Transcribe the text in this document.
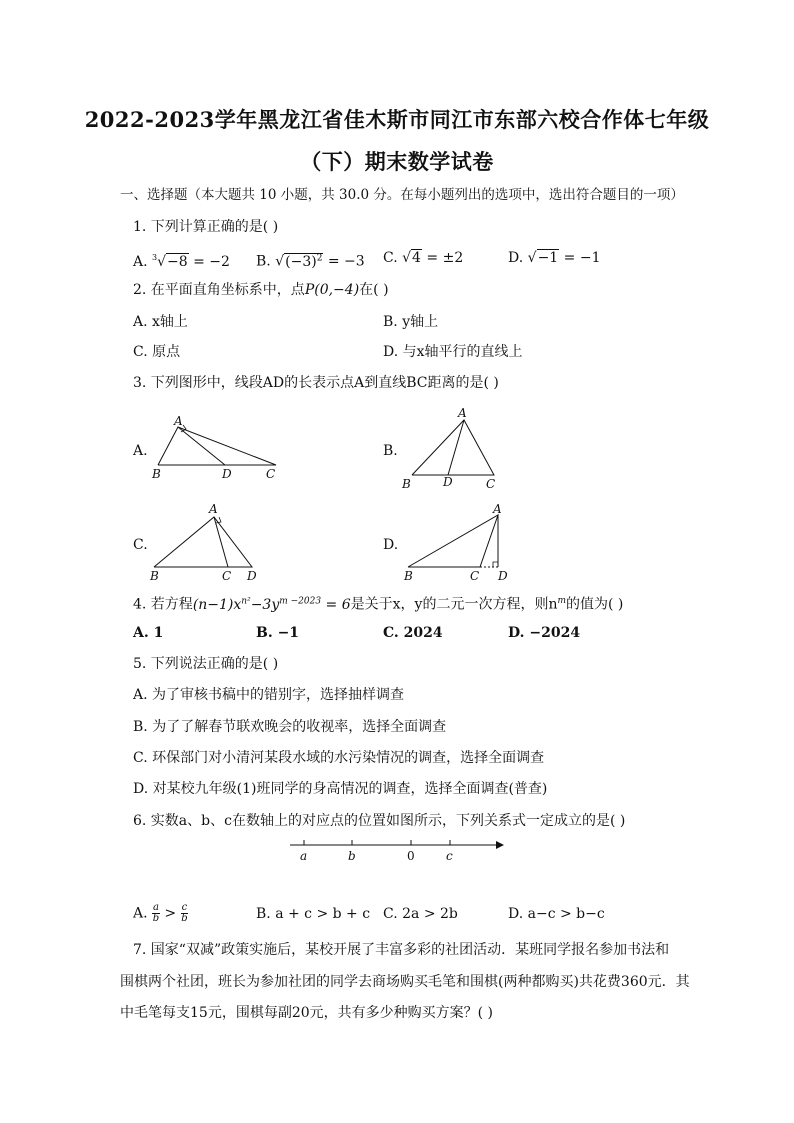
2022-2023学年黑龙江省佳木斯市同江市东部六校合作体七年级
（下）期末数学试卷
一、选择题（本大题共 10 小题，共 30.0 分。在每小题列出的选项中，选出符合题目的一项）
1. 下列计算正确的是( )
A. $^3$√−8 = −2 B. $√(-3)^2 = -3$ C. √4 = ±2	D. √−1 = −1
2. 在平面直角坐标系中，点P(0,−4)在( )
A. x轴上	B. y轴上
C. 原点	D. 与x轴平行的直线上
3. 下列图形中，线段AD的长表示点A到直线BC距离的是( )
A.
A
B	D	C
B.
A
B	D	C
C.
A
B	C D
D.
A
B	C D
4. 若方程$(n-1)x^{n^2}-3y^{m -2023} = 6$是关于x，y的二元一次方程，则$n^m$的值为( )
A. 1	B. −1	C. 2024	D. −2024
5. 下列说法正确的是( )
A. 为了审核书稿中的错别字，选择抽样调查
B. 为了了解春节联欢晚会的收视率，选择全面调查
C. 环保部门对小清河某段水域的水污染情况的调查，选择全面调查
D. 对某校九年级(1)班同学的身高情况的调查，选择全面调查(普查)
6. 实数a、b、c在数轴上的对应点的位置如图所示，下列关系式一定成立的是( )
a	b	0	c
A. $\frac{a}{b} > \frac{c}{b}$	B. a + c > b + c C. 2a > 2b	D. a−c > b−c
7. 国家“双减”政策实施后，某校开展了丰富多彩的社团活动．某班同学报名参加书法和
围棋两个社团，班长为参加社团的同学去商场购买毛笔和围棋(两种都购买)共花费360元．其
中毛笔每支15元，围棋每副20元，共有多少种购买方案？( )
